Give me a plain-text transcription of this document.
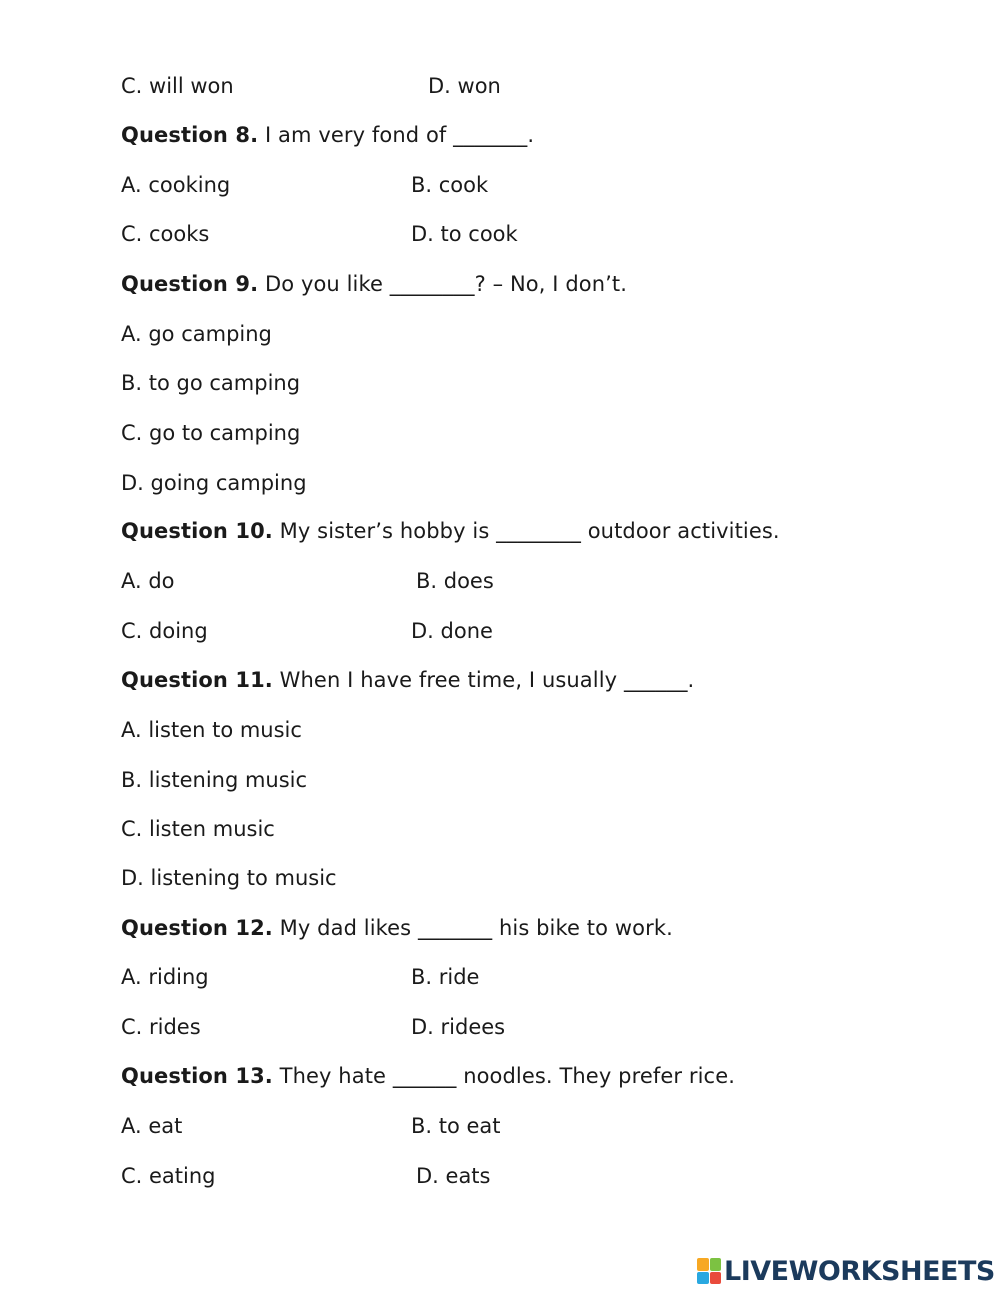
C. will won	D. won
Question 8. I am very fond of _______.
A. cooking	B. cook
C. cooks	D. to cook
Question 9. Do you like ________? – No, I don’t.
A. go camping
B. to go camping
C. go to camping
D. going camping
Question 10. My sister’s hobby is ________ outdoor activities.
A. do	B. does
C. doing	D. done
Question 11. When I have free time, I usually ______.
A. listen to music
B. listening music
C. listen music
D. listening to music
Question 12. My dad likes _______ his bike to work.
A. riding	B. ride
C. rides	D. ridees
Question 13. They hate ______ noodles. They prefer rice.
A. eat	B. to eat
C. eating	D. eats
LIVEWORKSHEETS
